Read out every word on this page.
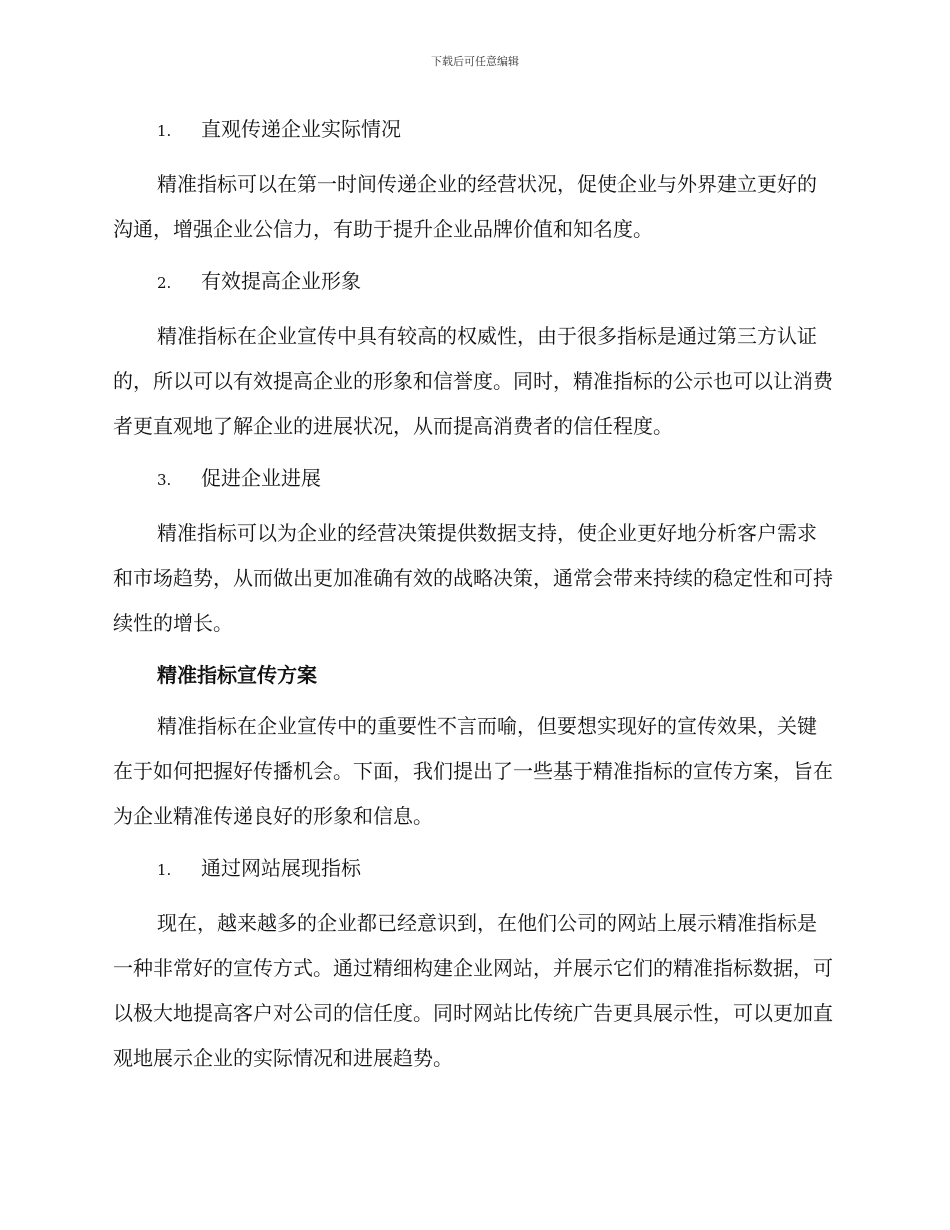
下载后可任意编辑
1.	直观传递企业实际情况

精准指标可以在第一时间传递企业的经营状况，促使企业与外界建立更好的沟通，增强企业公信力，有助于提升企业品牌价值和知名度。

2.	有效提高企业形象

精准指标在企业宣传中具有较高的权威性，由于很多指标是通过第三方认证的，所以可以有效提高企业的形象和信誉度。同时，精准指标的公示也可以让消费者更直观地了解企业的进展状况，从而提高消费者的信任程度。

3.	促进企业进展

精准指标可以为企业的经营决策提供数据支持，使企业更好地分析客户需求和市场趋势，从而做出更加准确有效的战略决策，通常会带来持续的稳定性和可持续性的增长。

精准指标宣传方案

精准指标在企业宣传中的重要性不言而喻，但要想实现好的宣传效果，关键在于如何把握好传播机会。下面，我们提出了一些基于精准指标的宣传方案，旨在为企业精准传递良好的形象和信息。

1.	通过网站展现指标

现在，越来越多的企业都已经意识到，在他们公司的网站上展示精准指标是一种非常好的宣传方式。通过精细构建企业网站，并展示它们的精准指标数据，可以极大地提高客户对公司的信任度。同时网站比传统广告更具展示性，可以更加直观地展示企业的实际情况和进展趋势。
